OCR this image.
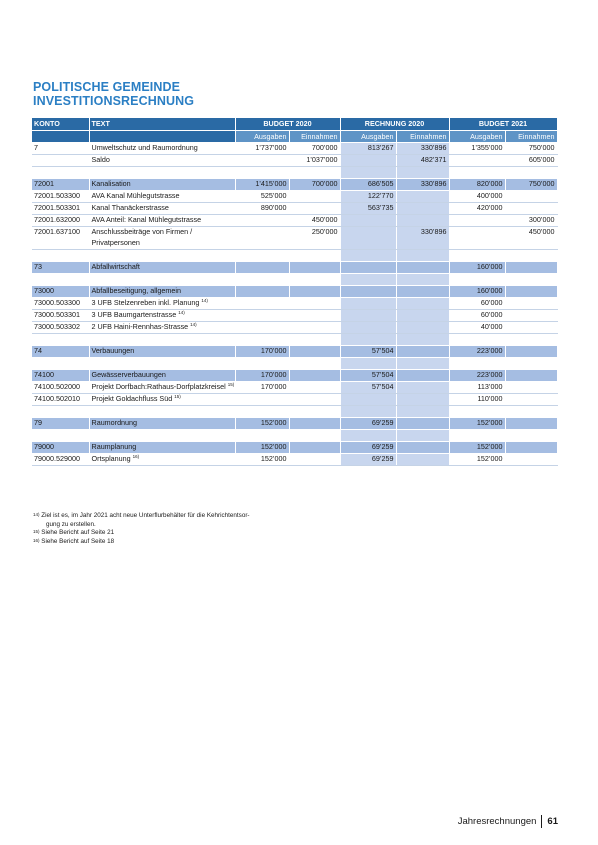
POLITISCHE GEMEINDE
INVESTITIONSRECHNUNG
KONTO	TEXT	BUDGET 2020		RECHNUNG 2020		BUDGET 2021	
		Ausgaben	Einnahmen	Ausgaben	Einnahmen	Ausgaben	Einnahmen
7	Umweltschutz und Raumordnung	1’737’000	700’000	813’267	330’896	1’355’000	750’000
	Saldo		1’037’000		482’371		605’000

72001	Kanalisation	1’415’000	700’000	686’505	330’896	820’000	750’000
72001.503300	AVA Kanal Mühlegutstrasse	525’000		122’770		400’000	
72001.503301	Kanal Thanäckerstrasse	890’000		563’735		420’000	
72001.632000	AVA Anteil: Kanal Mühlegutstrasse		450’000				300’000
72001.637100	Anschlussbeiträge von Firmen /
Privatpersonen		250’000		330’896		450’000

73	Abfallwirtschaft					160’000	

73000	Abfallbeseitigung, allgemein					160’000	
73000.503300	3 UFB Stelzenreben inkl. Planung $^{14)}$					60’000	
73000.503301	3 UFB Baumgartenstrasse $^{14)}$					60’000	
73000.503302	2 UFB Haini-Rennhas-Strasse $^{14)}$					40’000	

74	Verbauungen	170’000		57’504		223’000	

74100	Gewässerverbauungen	170’000		57’504		223’000	
74100.502000	Projekt Dorfbach:Rathaus-Dorfplatzkreisel $^{15)}$	170’000		57’504		113’000	
74100.502010	Projekt Goldachfluss Süd $^{15)}$					110’000	

79	Raumordnung	152’000		69’259		152’000	

79000	Raumplanung	152’000		69’259		152’000	
79000.529000	Ortsplanung $^{16)}$	152’000		69’259		152’000	
$^{14)}$ Ziel ist es, im Jahr 2021 acht neue Unterflurbehälter für die Kehrichtentsor-
gung zu erstellen.
$^{15)}$ Siehe Bericht auf Seite 21
$^{16)}$ Siehe Bericht auf Seite 18
Jahresrechnungen 61
